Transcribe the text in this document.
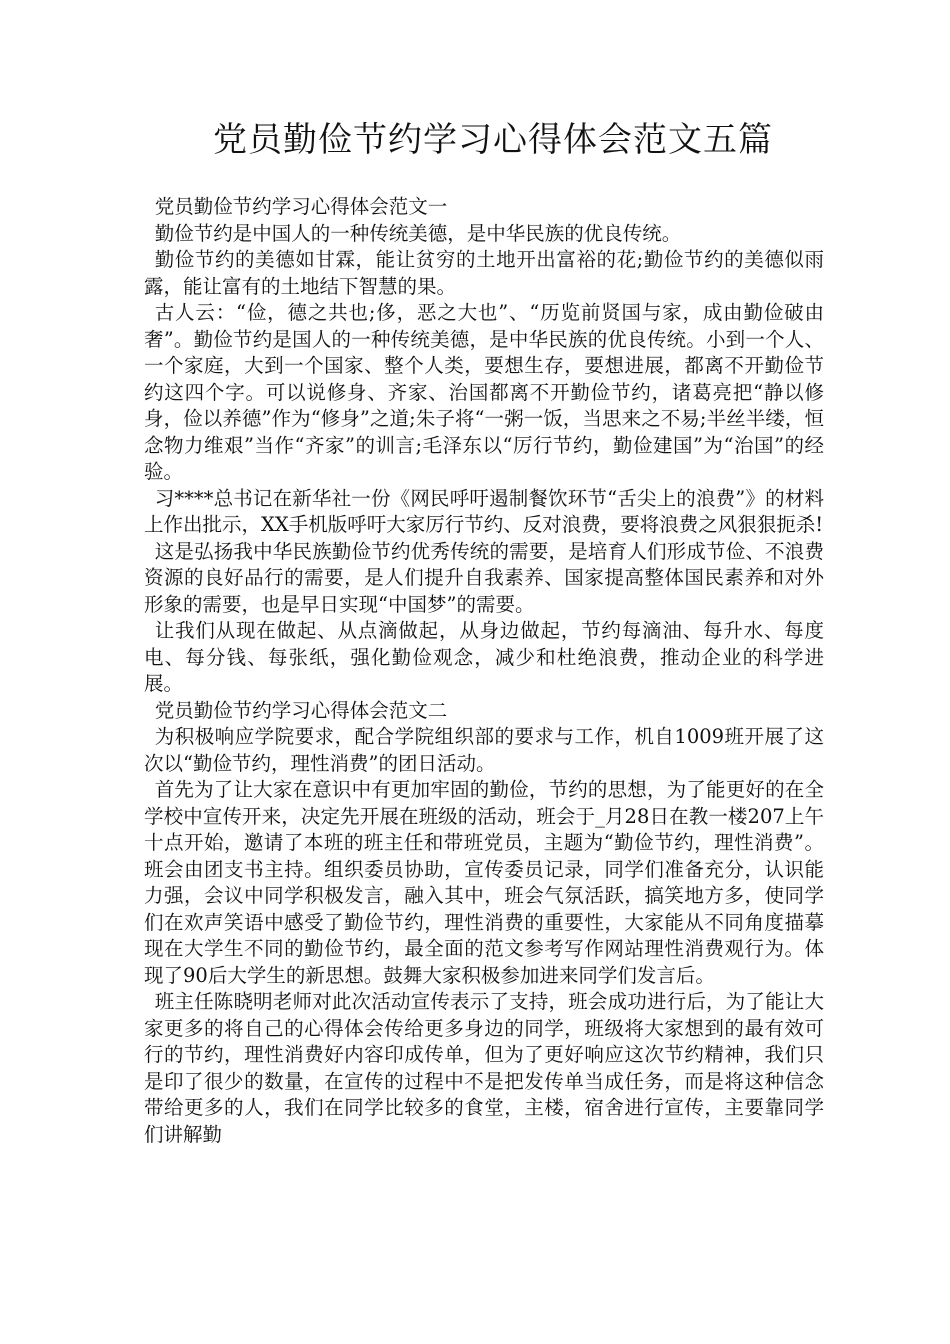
党员勤俭节约学习心得体会范文五篇

党员勤俭节约学习心得体会范文一

勤俭节约是中国人的一种传统美德，是中华民族的优良传统。

勤俭节约的美德如甘霖，能让贫穷的土地开出富裕的花;勤俭节约的美德似雨露，能让富有的土地结下智慧的果。

古人云：“俭，德之共也;侈，恶之大也”、“历览前贤国与家，成由勤俭破由奢”。勤俭节约是国人的一种传统美德，是中华民族的优良传统。小到一个人、一个家庭，大到一个国家、整个人类，要想生存，要想进展，都离不开勤俭节约这四个字。可以说修身、齐家、治国都离不开勤俭节约，诸葛亮把“静以修身，俭以养德”作为“修身”之道;朱子将“一粥一饭，当思来之不易;半丝半缕，恒念物力维艰”当作“齐家”的训言;毛泽东以“厉行节约，勤俭建国”为“治国”的经验。

习****总书记在新华社一份《网民呼吁遏制餐饮环节“舌尖上的浪费”》的材料上作出批示，XX手机版呼吁大家厉行节约、反对浪费，要将浪费之风狠狠扼杀!

这是弘扬我中华民族勤俭节约优秀传统的需要，是培育人们形成节俭、不浪费资源的良好品行的需要，是人们提升自我素养、国家提高整体国民素养和对外形象的需要，也是早日实现“中国梦”的需要。

让我们从现在做起、从点滴做起，从身边做起，节约每滴油、每升水、每度电、每分钱、每张纸，强化勤俭观念，减少和杜绝浪费，推动企业的科学进展。

党员勤俭节约学习心得体会范文二

为积极响应学院要求，配合学院组织部的要求与工作，机自1009班开展了这次以“勤俭节约，理性消费”的团日活动。

首先为了让大家在意识中有更加牢固的勤俭，节约的思想，为了能更好的在全学校中宣传开来，决定先开展在班级的活动，班会于_月28日在教一楼207上午十点开始，邀请了本班的班主任和带班党员，主题为“勤俭节约，理性消费”。班会由团支书主持。组织委员协助，宣传委员记录，同学们准备充分，认识能力强，会议中同学积极发言，融入其中，班会气氛活跃，搞笑地方多，使同学们在欢声笑语中感受了勤俭节约，理性消费的重要性，大家能从不同角度描摹现在大学生不同的勤俭节约，最全面的范文参考写作网站理性消费观行为。体现了90后大学生的新思想。鼓舞大家积极参加进来同学们发言后。

班主任陈晓明老师对此次活动宣传表示了支持，班会成功进行后，为了能让大家更多的将自己的心得体会传给更多身边的同学，班级将大家想到的最有效可行的节约，理性消费好内容印成传单，但为了更好响应这次节约精神，我们只是印了很少的数量，在宣传的过程中不是把发传单当成任务，而是将这种信念带给更多的人，我们在同学比较多的食堂，主楼，宿舍进行宣传，主要靠同学们讲解勤
